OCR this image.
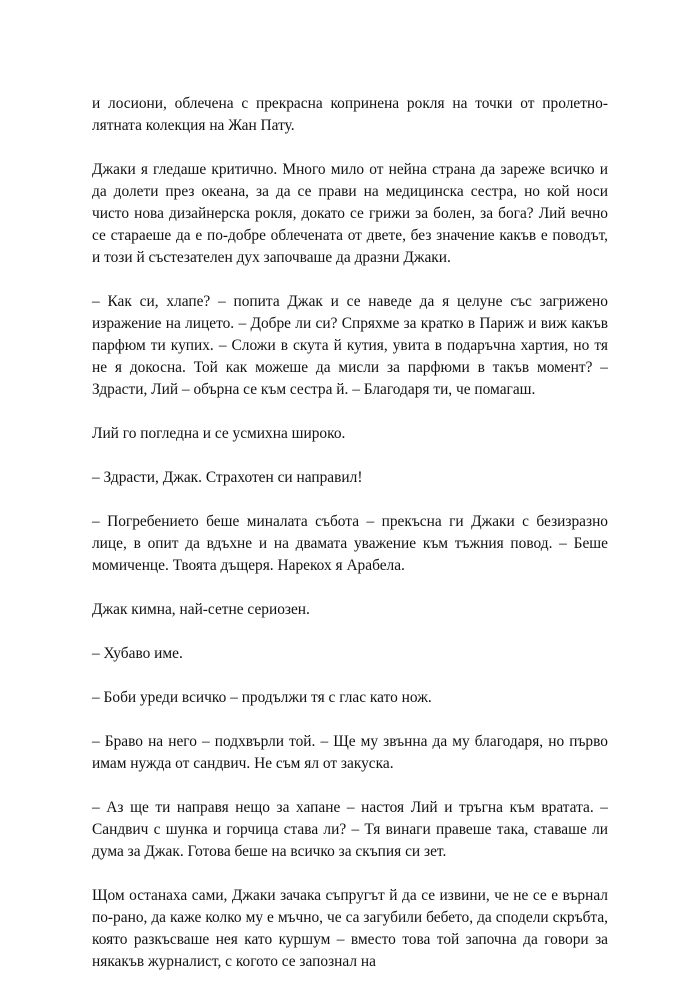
и лосиони, облечена с прекрасна копринена рокля на точки от пролетно-лятната колекция на Жан Пату.

Джаки я гледаше критично. Много мило от нейна страна да зареже всичко и да долети през океана, за да се прави на медицинска сестра, но кой носи чисто нова дизайнерска рокля, докато се грижи за болен, за бога? Лий вечно се стараеше да е по-добре облечената от двете, без значение какъв е поводът, и този й състезателен дух започваше да дразни Джаки.

– Как си, хлапе? – попита Джак и се наведе да я целуне със загрижено изражение на лицето. – Добре ли си? Спряхме за кратко в Париж и виж какъв парфюм ти купих. – Сложи в скута й кутия, увита в подаръчна хартия, но тя не я докосна. Той как можеше да мисли за парфюми в такъв момент? – Здрасти, Лий – обърна се към сестра й. – Благодаря ти, че помагаш.

Лий го погледна и се усмихна широко.

– Здрасти, Джак. Страхотен си направил!

– Погребението беше миналата събота – прекъсна ги Джаки с безизразно лице, в опит да вдъхне и на двамата уважение към тъжния повод. – Беше момиченце. Твоята дъщеря. Нарекох я Арабела.

Джак кимна, най-сетне сериозен.

– Хубаво име.

– Боби уреди всичко – продължи тя с глас като нож.

– Браво на него – подхвърли той. – Ще му звънна да му благодаря, но първо имам нужда от сандвич. Не съм ял от закуска.

– Аз ще ти направя нещо за хапане – настоя Лий и тръгна към вратата. – Сандвич с шунка и горчица става ли? – Тя винаги правеше така, ставаше ли дума за Джак. Готова беше на всичко за скъпия си зет.

Щом останаха сами, Джаки зачака съпругът й да се извини, че не се е върнал по-рано, да каже колко му е мъчно, че са загубили бебето, да сподели скръбта, която разкъсваше нея като куршум – вместо това той започна да говори за някакъв журналист, с когото се запознал на
